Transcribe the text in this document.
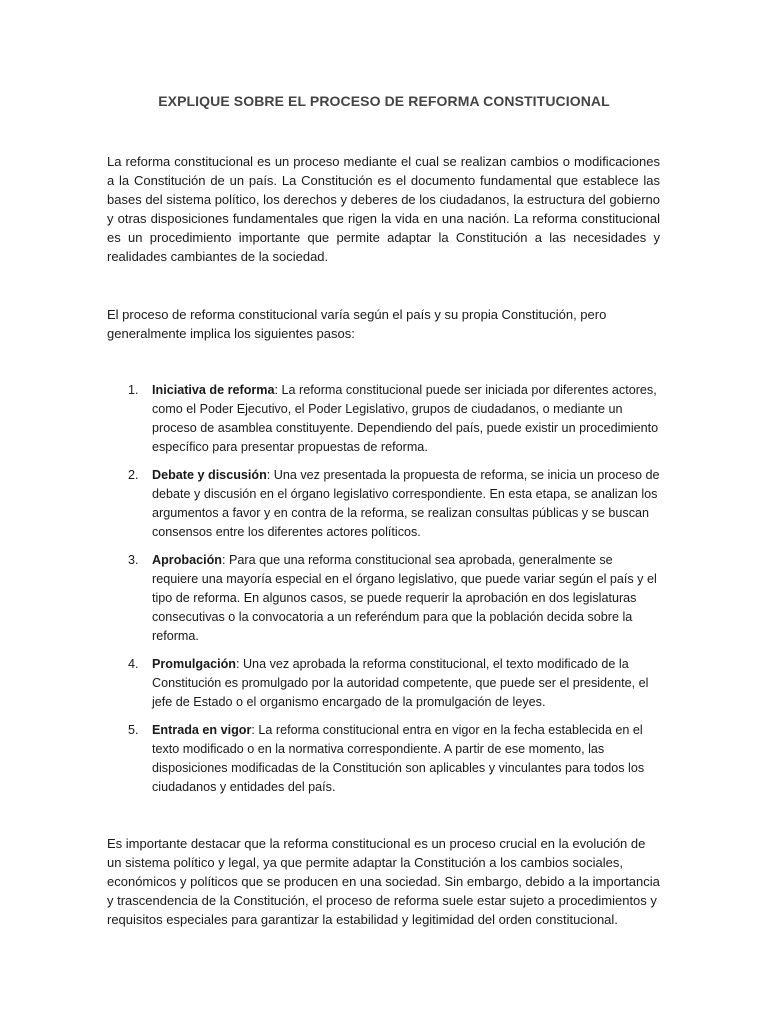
EXPLIQUE SOBRE EL PROCESO DE REFORMA CONSTITUCIONAL

La reforma constitucional es un proceso mediante el cual se realizan cambios o modificaciones a la Constitución de un país. La Constitución es el documento fundamental que establece las bases del sistema político, los derechos y deberes de los ciudadanos, la estructura del gobierno y otras disposiciones fundamentales que rigen la vida en una nación. La reforma constitucional es un procedimiento importante que permite adaptar la Constitución a las necesidades y realidades cambiantes de la sociedad.

El proceso de reforma constitucional varía según el país y su propia Constitución, pero generalmente implica los siguientes pasos:

1. Iniciativa de reforma: La reforma constitucional puede ser iniciada por diferentes actores, como el Poder Ejecutivo, el Poder Legislativo, grupos de ciudadanos, o mediante un proceso de asamblea constituyente. Dependiendo del país, puede existir un procedimiento específico para presentar propuestas de reforma.
2. Debate y discusión: Una vez presentada la propuesta de reforma, se inicia un proceso de debate y discusión en el órgano legislativo correspondiente. En esta etapa, se analizan los argumentos a favor y en contra de la reforma, se realizan consultas públicas y se buscan consensos entre los diferentes actores políticos.
3. Aprobación: Para que una reforma constitucional sea aprobada, generalmente se requiere una mayoría especial en el órgano legislativo, que puede variar según el país y el tipo de reforma. En algunos casos, se puede requerir la aprobación en dos legislaturas consecutivas o la convocatoria a un referéndum para que la población decida sobre la reforma.
4. Promulgación: Una vez aprobada la reforma constitucional, el texto modificado de la Constitución es promulgado por la autoridad competente, que puede ser el presidente, el jefe de Estado o el organismo encargado de la promulgación de leyes.
5. Entrada en vigor: La reforma constitucional entra en vigor en la fecha establecida en el texto modificado o en la normativa correspondiente. A partir de ese momento, las disposiciones modificadas de la Constitución son aplicables y vinculantes para todos los ciudadanos y entidades del país.

Es importante destacar que la reforma constitucional es un proceso crucial en la evolución de un sistema político y legal, ya que permite adaptar la Constitución a los cambios sociales, económicos y políticos que se producen en una sociedad. Sin embargo, debido a la importancia y trascendencia de la Constitución, el proceso de reforma suele estar sujeto a procedimientos y requisitos especiales para garantizar la estabilidad y legitimidad del orden constitucional.
